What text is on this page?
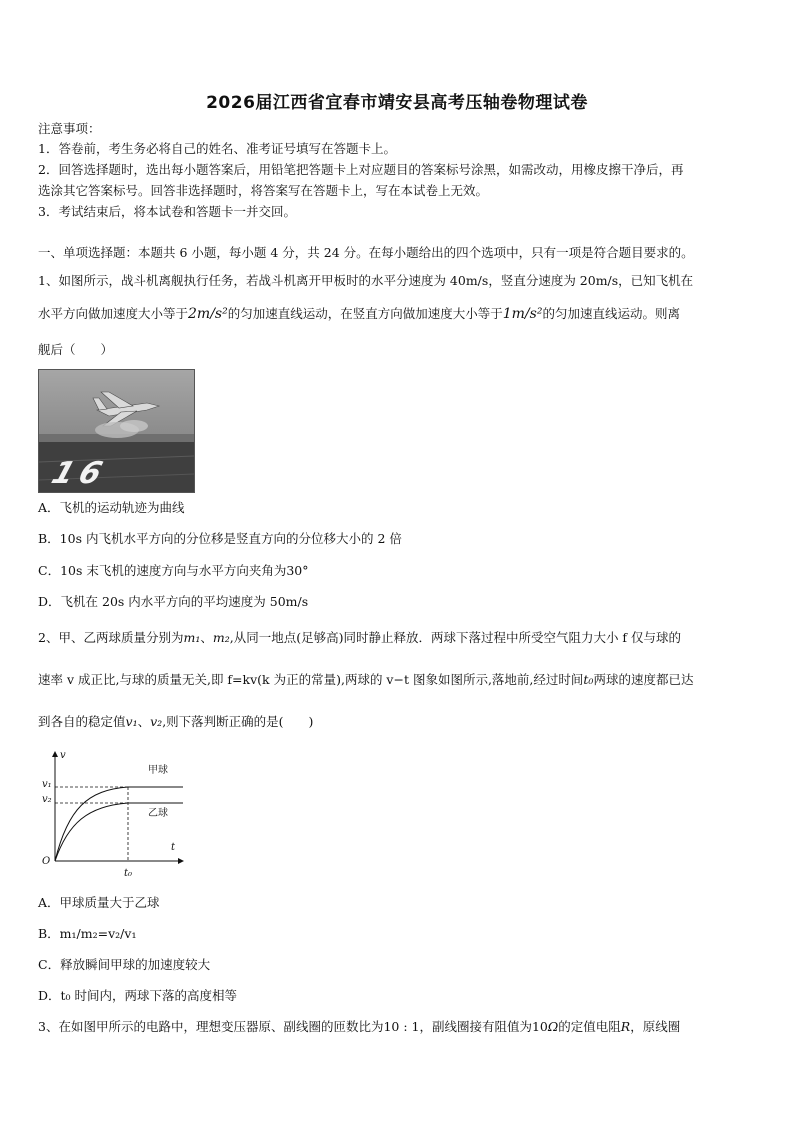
2026届江西省宜春市靖安县高考压轴卷物理试卷
注意事项：
1．答卷前，考生务必将自己的姓名、准考证号填写在答题卡上。
2．回答选择题时，选出每小题答案后，用铅笔把答题卡上对应题目的答案标号涂黑，如需改动，用橡皮擦干净后，再
选涂其它答案标号。回答非选择题时，将答案写在答题卡上，写在本试卷上无效。
3．考试结束后，将本试卷和答题卡一并交回。
一、单项选择题：本题共 6 小题，每小题 4 分，共 24 分。在每小题给出的四个选项中，只有一项是符合题目要求的。
1、如图所示，战斗机离舰执行任务，若战斗机离开甲板时的水平分速度为 40m/s，竖直分速度为 20m/s，已知飞机在
水平方向做加速度大小等于2m/s²的匀加速直线运动，在竖直方向做加速度大小等于1m/s²的匀加速直线运动。则离
舰后（　　）
16
A．飞机的运动轨迹为曲线
B．10s 内飞机水平方向的分位移是竖直方向的分位移大小的 2 倍
C．10s 末飞机的速度方向与水平方向夹角为30°
D．飞机在 20s 内水平方向的平均速度为 50m/s
2、甲、乙两球质量分别为m₁、m₂,从同一地点(足够高)同时静止释放．两球下落过程中所受空气阻力大小 f 仅与球的
速率 v 成正比,与球的质量无关,即 f=kv(k 为正的常量),两球的 v−t 图象如图所示,落地前,经过时间t₀两球的速度都已达
到各自的稳定值v₁、v₂,则下落判断正确的是(　　)
v
t
O
v₁
v₂
t₀
甲球
乙球
A．甲球质量大于乙球
B．m₁/m₂=v₂/v₁
C．释放瞬间甲球的加速度较大
D．t₀ 时间内，两球下落的高度相等
3、在如图甲所示的电路中，理想变压器原、副线圈的匝数比为10 : 1，副线圈接有阻值为10Ω的定值电阻R，原线圈
